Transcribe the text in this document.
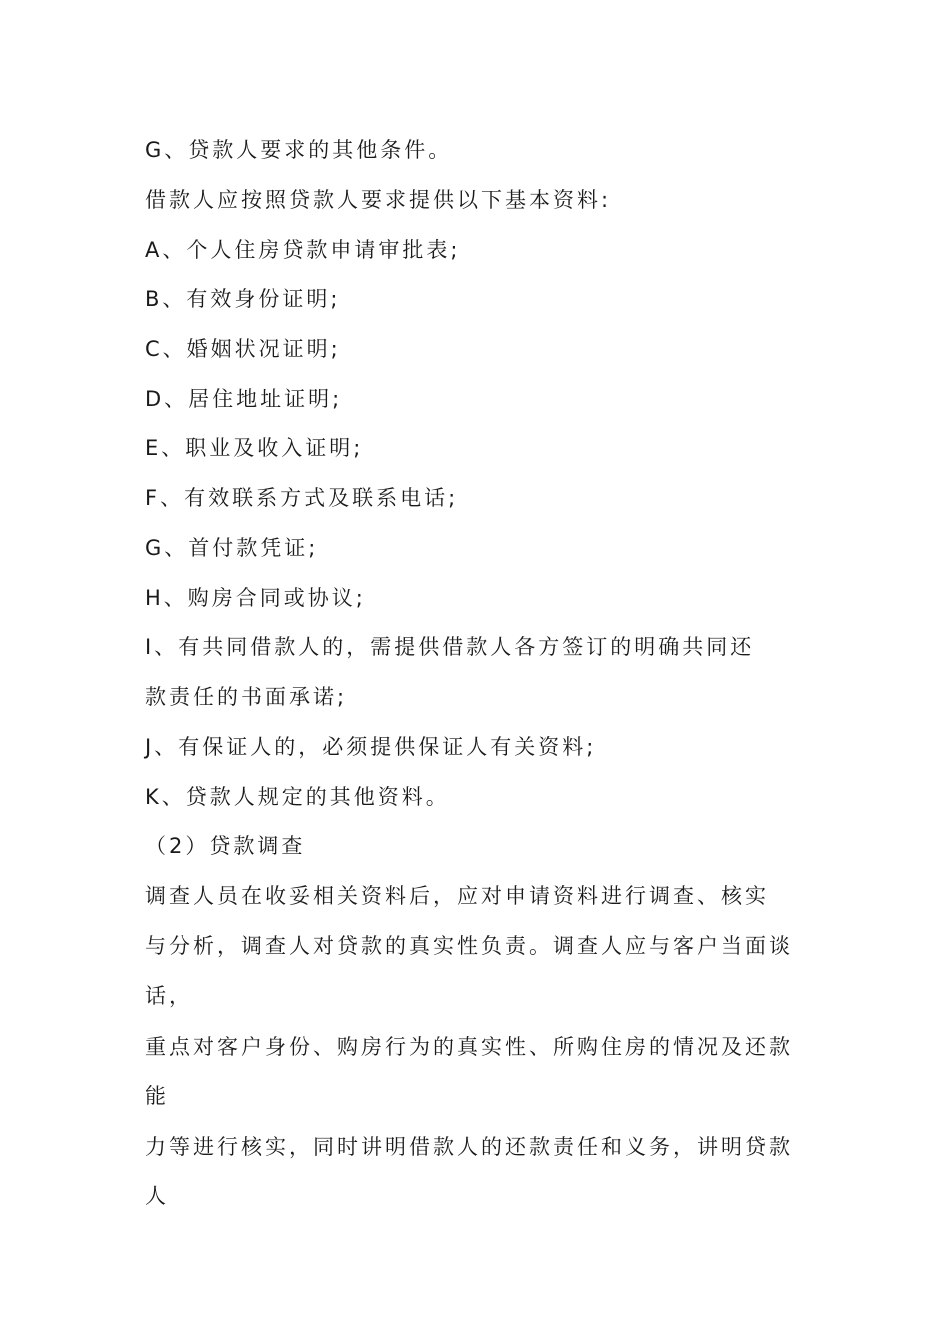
G、贷款人要求的其他条件。
借款人应按照贷款人要求提供以下基本资料:
A、个人住房贷款申请审批表;
B、有效身份证明;
C、婚姻状况证明;
D、居住地址证明;
E、职业及收入证明;
F、有效联系方式及联系电话;
G、首付款凭证;
H、购房合同或协议;
I、有共同借款人的，需提供借款人各方签订的明确共同还
款责任的书面承诺;
J、有保证人的，必须提供保证人有关资料;
K、贷款人规定的其他资料。
（2）贷款调查
调查人员在收妥相关资料后，应对申请资料进行调查、核实
与分析，调查人对贷款的真实性负责。调查人应与客户当面谈
话，
重点对客户身份、购房行为的真实性、所购住房的情况及还款
能
力等进行核实，同时讲明借款人的还款责任和义务，讲明贷款
人
